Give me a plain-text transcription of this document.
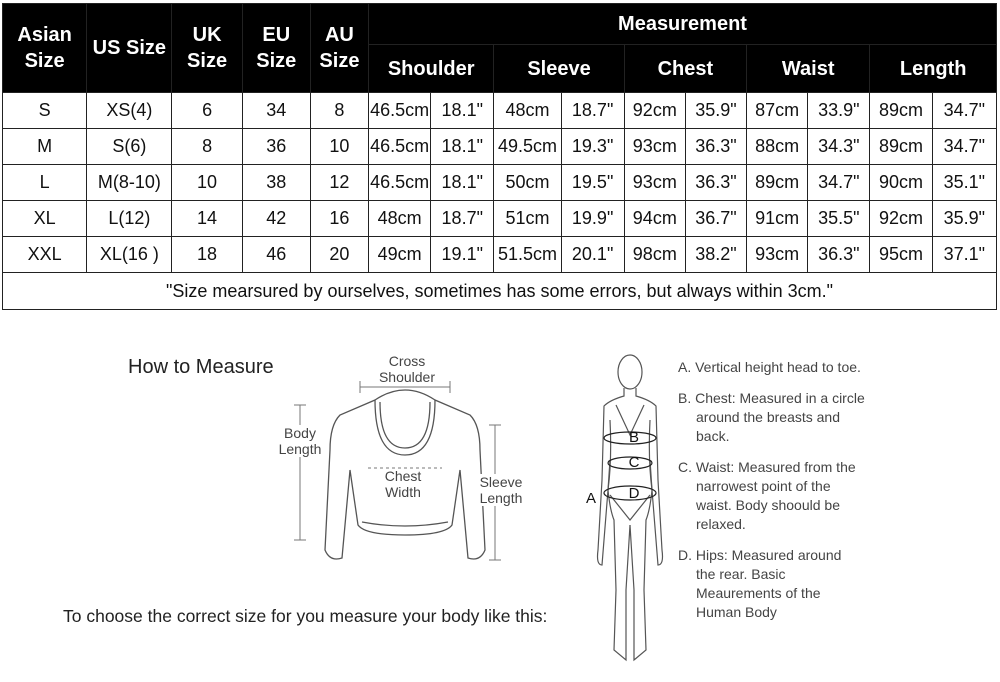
Asian Size	US Size	UK Size	EU Size	AU Size	Measurement									
					Shoulder		Sleeve		Chest		Waist		Length	
S	XS(4)	6	34	8	46.5cm	18.1"	48cm	18.7"	92cm	35.9"	87cm	33.9"	89cm	34.7"
M	S(6)	8	36	10	46.5cm	18.1"	49.5cm	19.3"	93cm	36.3"	88cm	34.3"	89cm	34.7"
L	M(8-10)	10	38	12	46.5cm	18.1"	50cm	19.5"	93cm	36.3"	89cm	34.7"	90cm	35.1"
XL	L(12)	14	42	16	48cm	18.7"	51cm	19.9"	94cm	36.7"	91cm	35.5"	92cm	35.9"
XXL	XL(16 )	18	46	20	49cm	19.1"	51.5cm	20.1"	98cm	38.2"	93cm	36.3"	95cm	37.1"
"Size mearsured by ourselves, sometimes has some errors, but always within 3cm."														

How to Measure	Cross Shoulder
Body Length
Chest Width
Sleeve Length
B
C
D
A

A. Vertical height head to toe.

B. Chest: Measured in a circle around the breasts and back.

C. Waist: Measured from the narrowest point of the waist. Body shoould be relaxed.

D. Hips: Measured around the rear. Basic Meaurements of the Human Body

To choose the correct size for you measure your body like this:
